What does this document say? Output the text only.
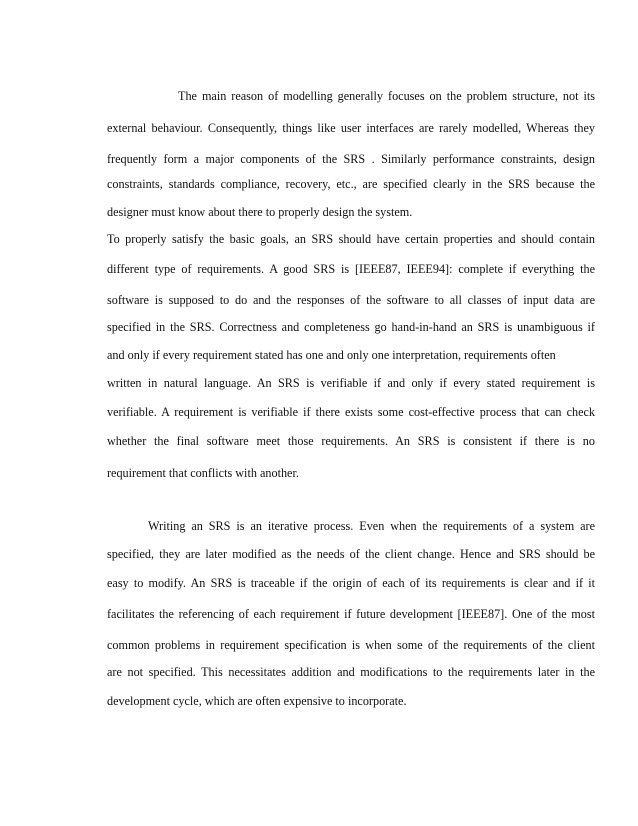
The main reason of modelling generally focuses on the problem structure, not its
external behaviour. Consequently, things like user interfaces are rarely modelled, Whereas they
frequently form a major components of the SRS . Similarly performance constraints, design
constraints, standards compliance, recovery, etc., are specified clearly in the SRS because the
designer must know about there to properly design the system.
To properly satisfy the basic goals, an SRS should have certain properties and should contain
different type of requirements. A good SRS is [IEEE87, IEEE94]: complete if everything the
software is supposed to do and the responses of the software to all classes of input data are
specified in the SRS. Correctness and completeness go hand-in-hand an SRS is unambiguous if
and only if every requirement stated has one and only one interpretation, requirements often
written in natural language. An SRS is verifiable if and only if every stated requirement is
verifiable. A requirement is verifiable if there exists some cost-effective process that can check
whether the final software meet those requirements. An SRS is consistent if there is no
requirement that conflicts with another.
Writing an SRS is an iterative process. Even when the requirements of a system are
specified, they are later modified as the needs of the client change. Hence and SRS should be
easy to modify. An SRS is traceable if the origin of each of its requirements is clear and if it
facilitates the referencing of each requirement if future development [IEEE87]. One of the most
common problems in requirement specification is when some of the requirements of the client
are not specified. This necessitates addition and modifications to the requirements later in the
development cycle, which are often expensive to incorporate.
